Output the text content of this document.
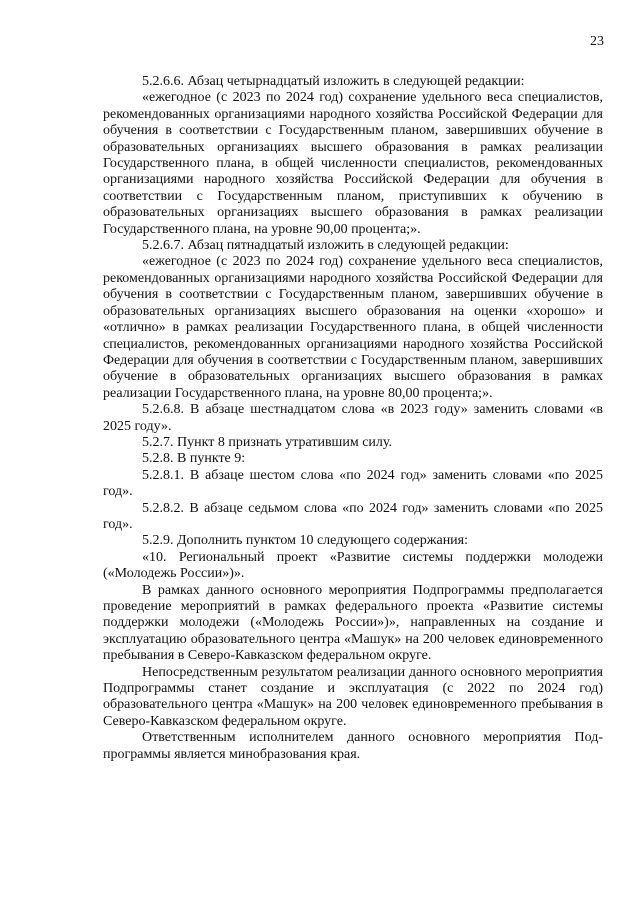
23

5.2.6.6. Абзац четырнадцатый изложить в следующей редакции:

«ежегодное (с 2023 по 2024 год) сохранение удельного веса специалистов, рекомендованных организациями народного хозяйства Российской Федерации для обучения в соответствии с Государственным планом, завершивших обучение в образовательных организациях высшего образования в рамках реализации Государственного плана, в общей численности специалистов, рекомендованных организациями народного хозяйства Российской Федерации для обучения в соответствии с Государственным планом, приступивших к обучению в образовательных организациях высшего образования в рамках реализации Государственного плана, на уровне 90,00 процента;».

5.2.6.7. Абзац пятнадцатый изложить в следующей редакции:

«ежегодное (с 2023 по 2024 год) сохранение удельного веса специалистов, рекомендованных организациями народного хозяйства Российской Федерации для обучения в соответствии с Государственным планом, завершивших обучение в образовательных организациях высшего образования на оценки «хорошо» и «отлично» в рамках реализации Государственного плана, в общей численности специалистов, рекомендованных организациями народного хозяйства Российской Федерации для обучения в соответствии с Государственным планом, завершивших обучение в образовательных организациях высшего образования в рамках реализации Государственного плана, на уровне 80,00 процента;».

5.2.6.8. В абзаце шестнадцатом слова «в 2023 году» заменить словами «в 2025 году».

5.2.7. Пункт 8 признать утратившим силу.

5.2.8. В пункте 9:

5.2.8.1. В абзаце шестом слова «по 2024 год» заменить словами «по 2025 год».

5.2.8.2. В абзаце седьмом слова «по 2024 год» заменить словами «по 2025 год».

5.2.9. Дополнить пунктом 10 следующего содержания:

«10. Региональный проект «Развитие системы поддержки молодежи («Молодежь России»)».

В рамках данного основного мероприятия Подпрограммы предполагается проведение мероприятий в рамках федерального проекта «Развитие системы поддержки молодежи («Молодежь России»)», направленных на создание и эксплуатацию образовательного центра «Машук» на 200 человек единовременного пребывания в Северо-Кавказском федеральном округе.

Непосредственным результатом реализации данного основного мероприятия Подпрограммы станет создание и эксплуатация (с 2022 по 2024 год) образовательного центра «Машук» на 200 человек единовременного пребывания в Северо-Кавказском федеральном округе.

Ответственным исполнителем данного основного мероприятия Подпрограммы является минобразования края.
